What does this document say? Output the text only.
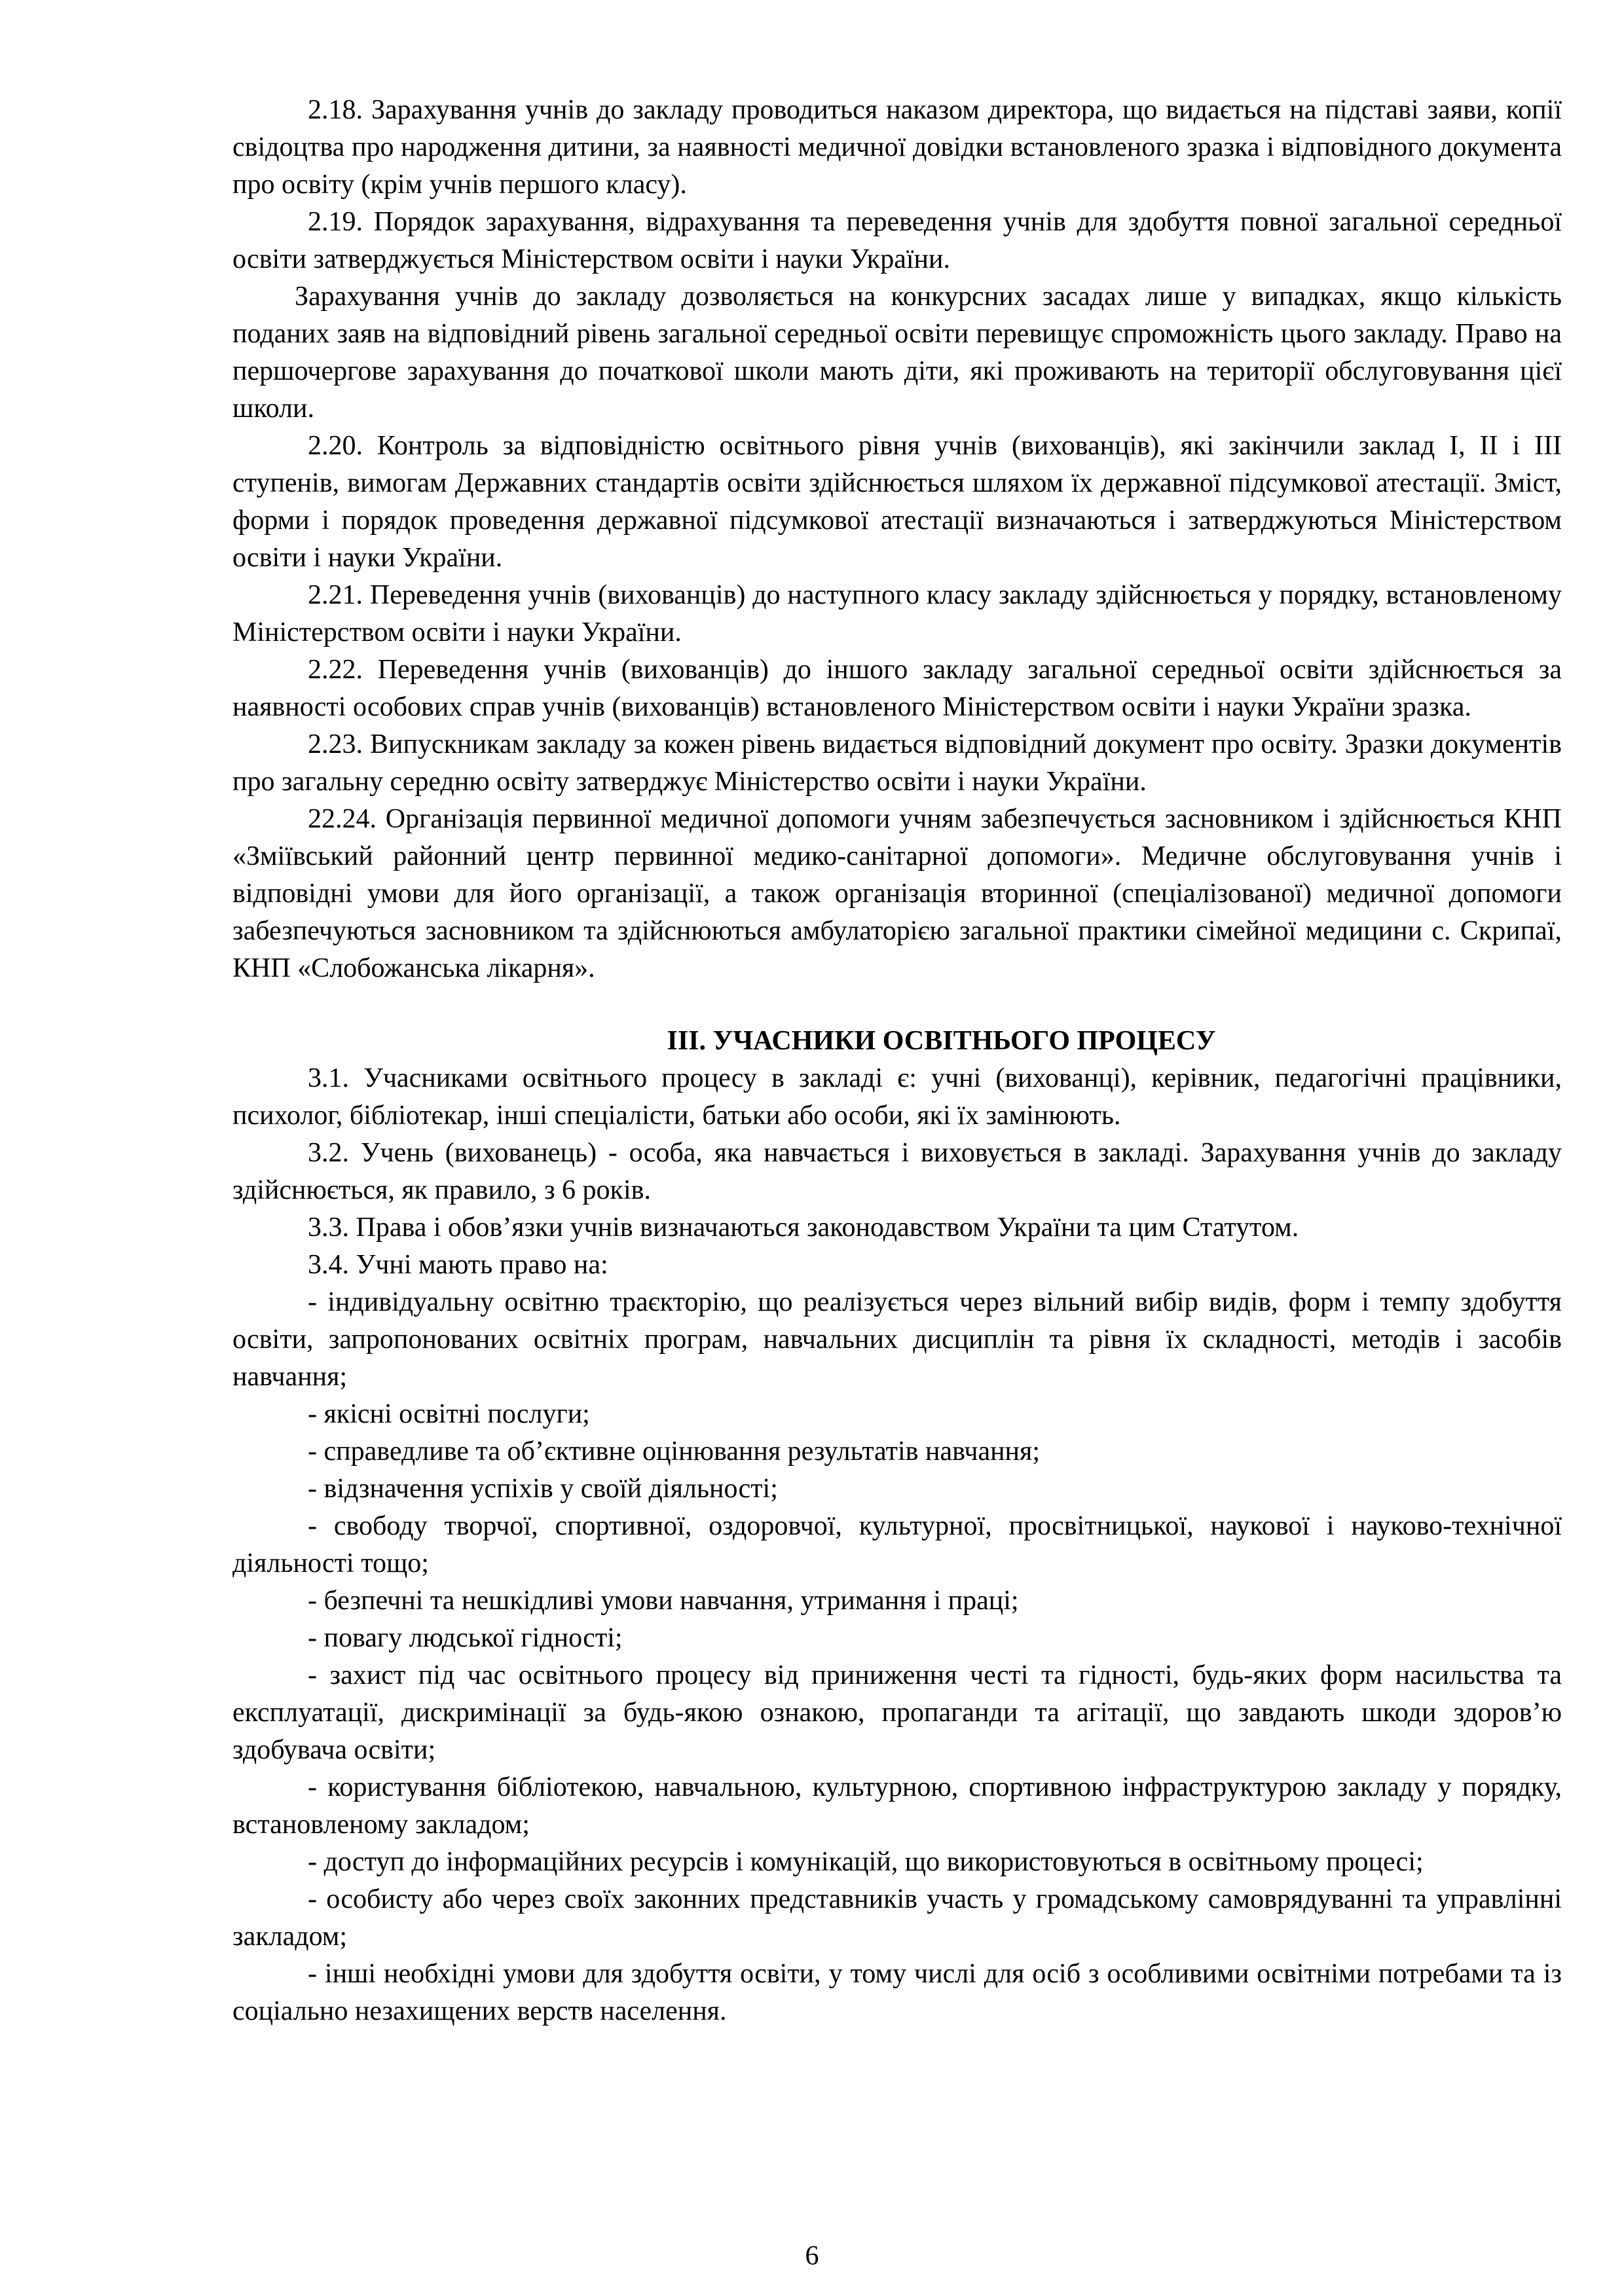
2.18. Зарахування учнів до закладу проводиться наказом директора, що видається на підставі заяви, копії свідоцтва про народження дитини, за наявності медичної довідки встановленого зразка і відповідного документа про освіту (крім учнів першого класу).

2.19. Порядок зарахування, відрахування та переведення учнів для здобуття повної загальної середньої освіти затверджується Міністерством освіти і науки України.

Зарахування учнів до закладу дозволяється на конкурсних засадах лише у випадках, якщо кількість поданих заяв на відповідний рівень загальної середньої освіти перевищує спроможність цього закладу. Право на першочергове зарахування до початкової школи мають діти, які проживають на території обслуговування цієї школи.

2.20. Контроль за відповідністю освітнього рівня учнів (вихованців), які закінчили заклад I, II і III ступенів, вимогам Державних стандартів освіти здійснюється шляхом їх державної підсумкової атестації. Зміст, форми і порядок проведення державної підсумкової атестації визначаються і затверджуються Міністерством освіти і науки України.

2.21. Переведення учнів (вихованців) до наступного класу закладу здійснюється у порядку, встановленому Міністерством освіти і науки України.

2.22. Переведення учнів (вихованців) до іншого закладу загальної середньої освіти здійснюється за наявності особових справ учнів (вихованців) встановленого Міністерством освіти і науки України зразка.

2.23. Випускникам закладу за кожен рівень видається відповідний документ про освіту. Зразки документів про загальну середню освіту затверджує Міністерство освіти і науки України.

22.24. Організація первинної медичної допомоги учням забезпечується засновником і здійснюється КНП «Зміївський районний центр первинної медико-санітарної допомоги». Медичне обслуговування учнів і відповідні умови для його організації, а також організація вторинної (спеціалізованої) медичної допомоги забезпечуються засновником та здійснюються амбулаторією загальної практики сімейної медицини с. Скрипаї, КНП «Слобожанська лікарня».

III. УЧАСНИКИ ОСВІТНЬОГО ПРОЦЕСУ

3.1. Учасниками освітнього процесу в закладі є: учні (вихованці), керівник, педагогічні працівники, психолог, бібліотекар, інші спеціалісти, батьки або особи, які їх замінюють.

3.2. Учень (вихованець) - особа, яка навчається і виховується в закладі. Зарахування учнів до закладу здійснюється, як правило, з 6 років.

3.3. Права і обов’язки учнів визначаються законодавством України та цим Статутом.

3.4. Учні мають право на:

- індивідуальну освітню траєкторію, що реалізується через вільний вибір видів, форм і темпу здобуття освіти, запропонованих освітніх програм, навчальних дисциплін та рівня їх складності, методів і засобів навчання;

- якісні освітні послуги;

- справедливе та об’єктивне оцінювання результатів навчання;

- відзначення успіхів у своїй діяльності;

- свободу творчої, спортивної, оздоровчої, культурної, просвітницької, наукової і науково-технічної діяльності тощо;

- безпечні та нешкідливі умови навчання, утримання і праці;

- повагу людської гідності;

- захист під час освітнього процесу від приниження честі та гідності, будь-яких форм насильства та експлуатації, дискримінації за будь-якою ознакою, пропаганди та агітації, що завдають шкоди здоров’ю здобувача освіти;

- користування бібліотекою, навчальною, культурною, спортивною інфраструктурою закладу у порядку, встановленому закладом;

- доступ до інформаційних ресурсів і комунікацій, що використовуються в освітньому процесі;

- особисту або через своїх законних представників участь у громадському самоврядуванні та управлінні закладом;

- інші необхідні умови для здобуття освіти, у тому числі для осіб з особливими освітніми потребами та із соціально незахищених верств населення.

6
